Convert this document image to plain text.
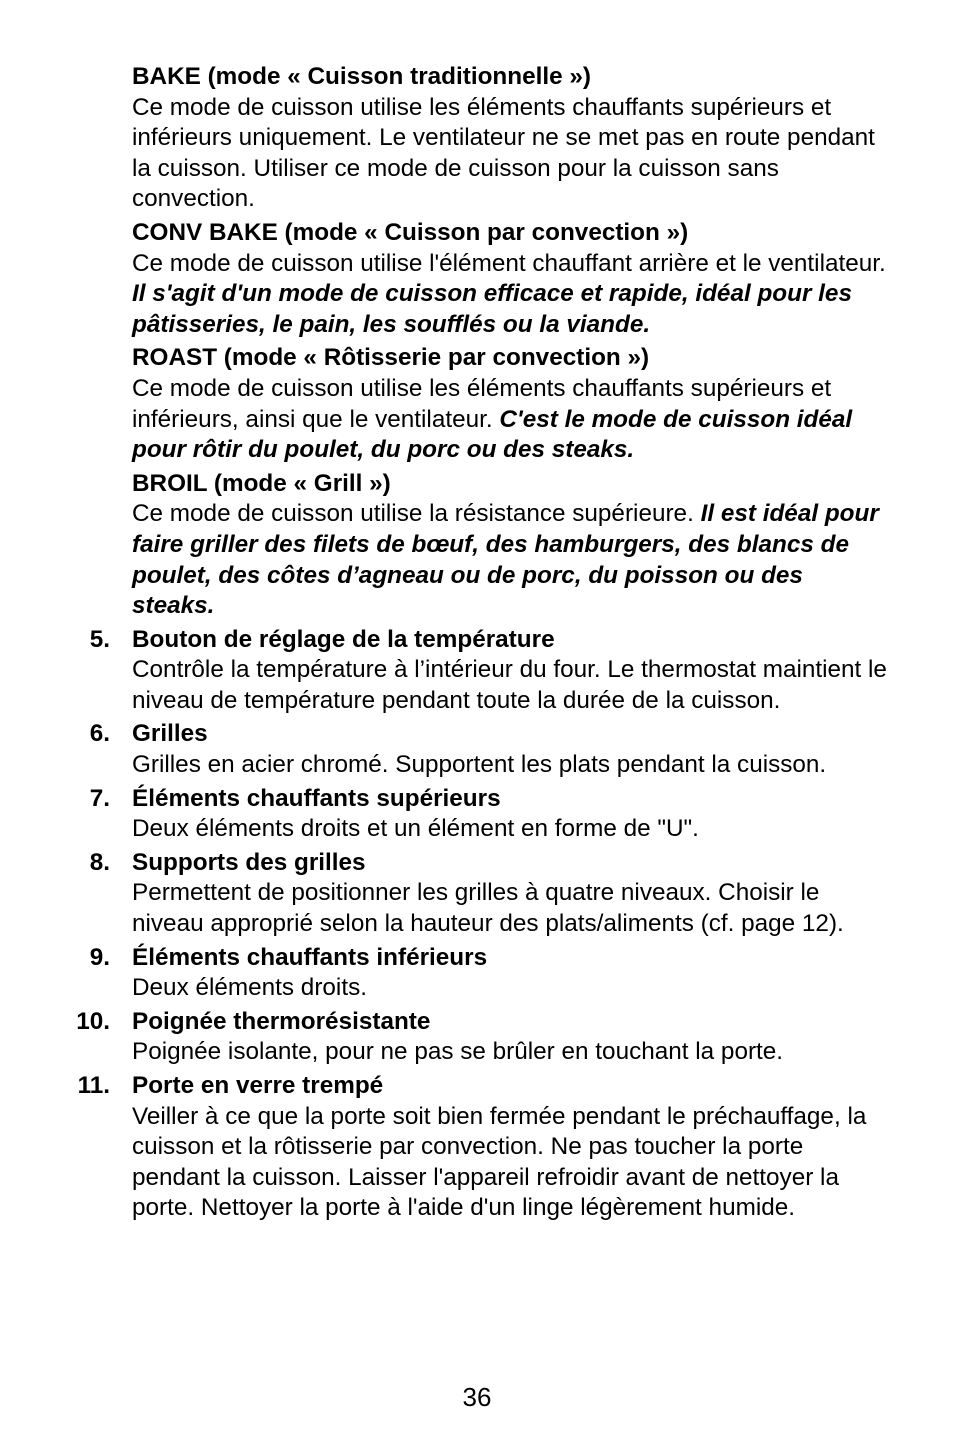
BAKE (mode « Cuisson traditionnelle »)
Ce mode de cuisson utilise les éléments chauffants supérieurs et inférieurs uniquement. Le ventilateur ne se met pas en route pendant la cuisson. Utiliser ce mode de cuisson pour la cuisson sans convection.
CONV BAKE (mode « Cuisson par convection »)
Ce mode de cuisson utilise l'élément chauffant arrière et le ventilateur. Il s'agit d'un mode de cuisson efficace et rapide, idéal pour les pâtisseries, le pain, les soufflés ou la viande.
ROAST (mode « Rôtisserie par convection »)
Ce mode de cuisson utilise les éléments chauffants supérieurs et inférieurs, ainsi que le ventilateur. C'est le mode de cuisson idéal pour rôtir du poulet, du porc ou des steaks.
BROIL (mode « Grill »)
Ce mode de cuisson utilise la résistance supérieure. Il est idéal pour faire griller des filets de bœuf, des hamburgers, des blancs de poulet, des côtes d’agneau ou de porc, du poisson ou des steaks.
5. Bouton de réglage de la température
Contrôle la température à l’intérieur du four. Le thermostat maintient le niveau de température pendant toute la durée de la cuisson.
6. Grilles
Grilles en acier chromé. Supportent les plats pendant la cuisson.
7. Éléments chauffants supérieurs
Deux éléments droits et un élément en forme de "U".
8. Supports des grilles
Permettent de positionner les grilles à quatre niveaux. Choisir le niveau approprié selon la hauteur des plats/aliments (cf. page 12).
9. Éléments chauffants inférieurs
Deux éléments droits.
10. Poignée thermorésistante
Poignée isolante, pour ne pas se brûler en touchant la porte.
11. Porte en verre trempé
Veiller à ce que la porte soit bien fermée pendant le préchauffage, la cuisson et la rôtisserie par convection. Ne pas toucher la porte pendant la cuisson. Laisser l'appareil refroidir avant de nettoyer la porte. Nettoyer la porte à l'aide d'un linge légèrement humide.
36
